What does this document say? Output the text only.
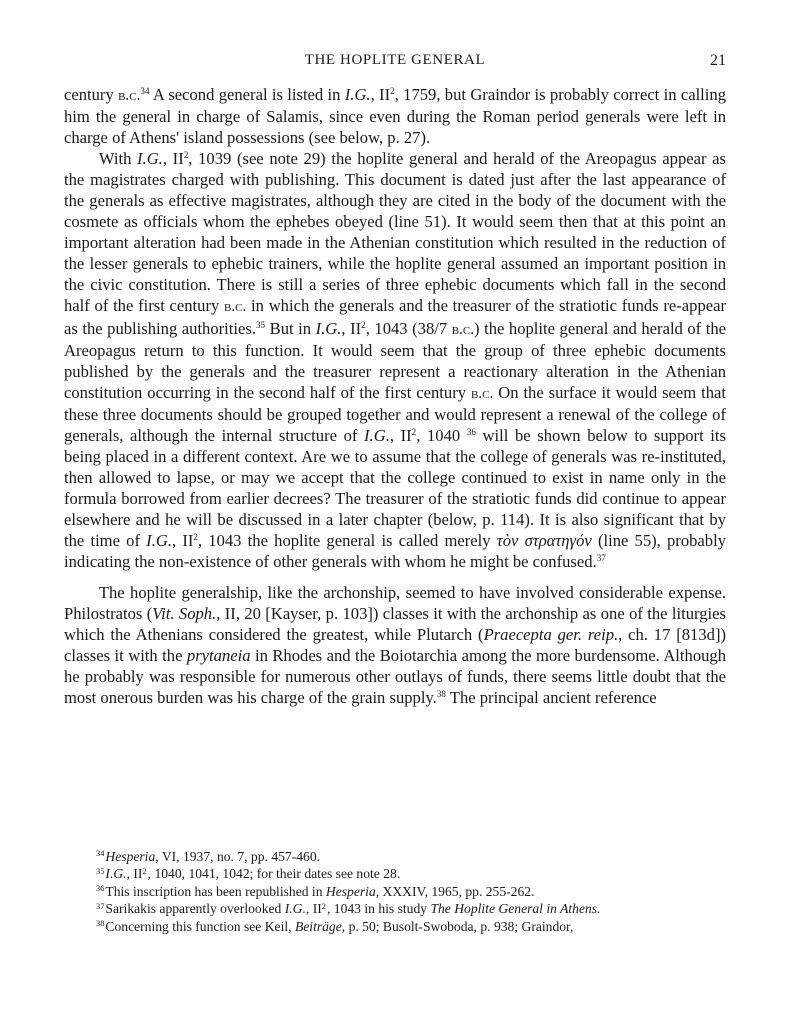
THE HOPLITE GENERAL	21

century b.c.$^{34}$ A second general is listed in I.G., $II^2$, 1759, but Graindor is probably correct in calling him the general in charge of Salamis, since even during the Roman period generals were left in charge of Athens' island possessions (see below, p. 27).

With I.G., $II^2$, 1039 (see note 29) the hoplite general and herald of the Areopagus appear as the magistrates charged with publishing. This document is dated just after the last appearance of the generals as effective magistrates, although they are cited in the body of the document with the cosmete as officials whom the ephebes obeyed (line 51). It would seem then that at this point an important alteration had been made in the Athenian constitution which resulted in the reduction of the lesser generals to ephebic trainers, while the hoplite general assumed an important position in the civic constitution. There is still a series of three ephebic documents which fall in the second half of the first century b.c. in which the generals and the treasurer of the stratiotic funds re-appear as the publishing authorities.$^{35}$ But in I.G., $II^2$, 1043 (38/7 b.c.) the hoplite general and herald of the Areopagus return to this function. It would seem that the group of three ephebic documents published by the generals and the treasurer represent a reactionary alteration in the Athenian constitution occurring in the second half of the first century b.c. On the surface it would seem that these three documents should be grouped together and would represent a renewal of the college of generals, although the internal structure of I.G., $II^2$, 1040 $^{36}$ will be shown below to support its being placed in a different context. Are we to assume that the college of generals was re-instituted, then allowed to lapse, or may we accept that the college continued to exist in name only in the formula borrowed from earlier decrees? The treasurer of the stratiotic funds did continue to appear elsewhere and he will be discussed in a later chapter (below, p. 114). It is also significant that by the time of I.G., $II^2$, 1043 the hoplite general is called merely τὸν στρατηγόν (line 55), probably indicating the non-existence of other generals with whom he might be confused.$^{37}$

The hoplite generalship, like the archonship, seemed to have involved considerable expense. Philostratos (Vit. Soph., II, 20 [Kayser, p. 103]) classes it with the archonship as one of the liturgies which the Athenians considered the greatest, while Plutarch (Praecepta ger. reip., ch. 17 [813d]) classes it with the prytaneia in Rhodes and the Boiotarchia among the more burdensome. Although he probably was responsible for numerous other outlays of funds, there seems little doubt that the most onerous burden was his charge of the grain supply.$^{38}$ The principal ancient reference

$^{34}$Hesperia, VI, 1937, no. 7, pp. 457-460.
$^{35}$I.G., $II^2$, 1040, 1041, 1042; for their dates see note 28.
$^{36}$This inscription has been republished in Hesperia, XXXIV, 1965, pp. 255-262.
$^{37}$Sarikakis apparently overlooked I.G., $II^2$, 1043 in his study The Hoplite General in Athens.
$^{38}$Concerning this function see Keil, Beiträge, p. 50; Busolt-Swoboda, p. 938; Graindor,
